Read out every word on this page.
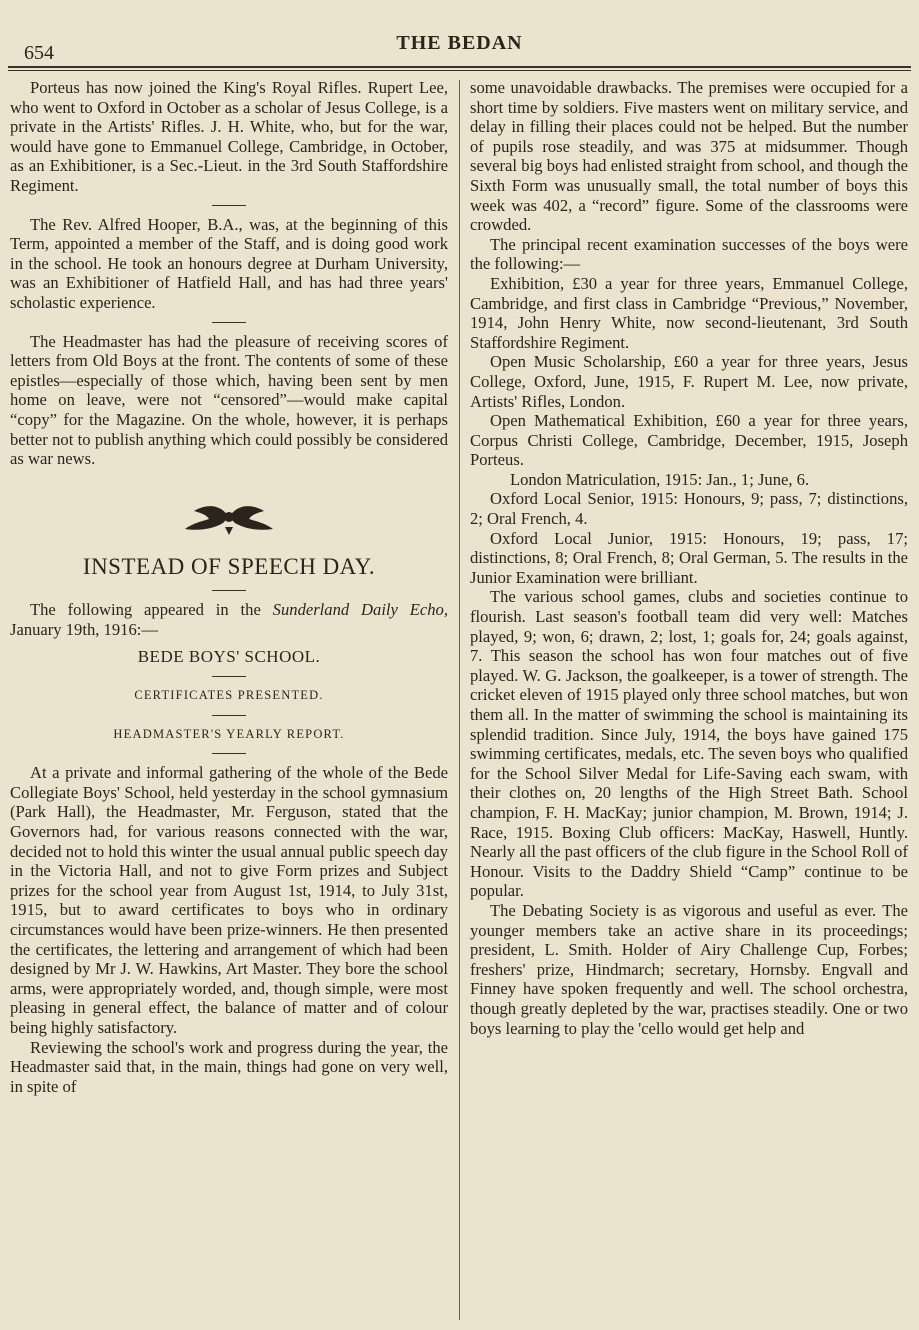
654	THE BEDAN

Porteus has now joined the King's Royal Rifles. Rupert Lee, who went to Oxford in October as a scholar of Jesus College, is a private in the Artists' Rifles. J. H. White, who, but for the war, would have gone to Emmanuel College, Cambridge, in October, as an Exhibitioner, is a Sec.-Lieut. in the 3rd South Staffordshire Regiment.

The Rev. Alfred Hooper, B.A., was, at the beginning of this Term, appointed a member of the Staff, and is doing good work in the school. He took an honours degree at Durham University, was an Exhibitioner of Hatfield Hall, and has had three years' scholastic experience.

The Headmaster has had the pleasure of receiving scores of letters from Old Boys at the front. The contents of some of these epistles—especially of those which, having been sent by men home on leave, were not “censored”—would make capital “copy” for the Magazine. On the whole, however, it is perhaps better not to publish anything which could possibly be considered as war news.

INSTEAD OF SPEECH DAY.

The following appeared in the Sunderland Daily Echo, January 19th, 1916:—

BEDE BOYS' SCHOOL.
CERTIFICATES PRESENTED.
HEADMASTER'S YEARLY REPORT.

At a private and informal gathering of the whole of the Bede Collegiate Boys' School, held yesterday in the school gymnasium (Park Hall), the Headmaster, Mr. Ferguson, stated that the Governors had, for various reasons connected with the war, decided not to hold this winter the usual annual public speech day in the Victoria Hall, and not to give Form prizes and Subject prizes for the school year from August 1st, 1914, to July 31st, 1915, but to award certificates to boys who in ordinary circumstances would have been prize-winners. He then presented the certificates, the lettering and arrangement of which had been designed by Mr J. W. Hawkins, Art Master. They bore the school arms, were appropriately worded, and, though simple, were most pleasing in general effect, the balance of matter and of colour being highly satisfactory.

Reviewing the school's work and progress during the year, the Headmaster said that, in the main, things had gone on very well, in spite of

some unavoidable drawbacks. The premises were occupied for a short time by soldiers. Five masters went on military service, and delay in filling their places could not be helped. But the number of pupils rose steadily, and was 375 at midsummer. Though several big boys had enlisted straight from school, and though the Sixth Form was unusually small, the total number of boys this week was 402, a “record” figure. Some of the classrooms were crowded.

The principal recent examination successes of the boys were the following:—

Exhibition, £30 a year for three years, Emmanuel College, Cambridge, and first class in Cambridge “Previous,” November, 1914, John Henry White, now second-lieutenant, 3rd South Staffordshire Regiment.

Open Music Scholarship, £60 a year for three years, Jesus College, Oxford, June, 1915, F. Rupert M. Lee, now private, Artists' Rifles, London.

Open Mathematical Exhibition, £60 a year for three years, Corpus Christi College, Cambridge, December, 1915, Joseph Porteus.

London Matriculation, 1915: Jan., 1; June, 6.

Oxford Local Senior, 1915: Honours, 9; pass, 7; distinctions, 2; Oral French, 4.

Oxford Local Junior, 1915: Honours, 19; pass, 17; distinctions, 8; Oral French, 8; Oral German, 5. The results in the Junior Examination were brilliant.

The various school games, clubs and societies continue to flourish. Last season's football team did very well: Matches played, 9; won, 6; drawn, 2; lost, 1; goals for, 24; goals against, 7. This season the school has won four matches out of five played. W. G. Jackson, the goalkeeper, is a tower of strength. The cricket eleven of 1915 played only three school matches, but won them all. In the matter of swimming the school is maintaining its splendid tradition. Since July, 1914, the boys have gained 175 swimming certificates, medals, etc. The seven boys who qualified for the School Silver Medal for Life-Saving each swam, with their clothes on, 20 lengths of the High Street Bath. School champion, F. H. MacKay; junior champion, M. Brown, 1914; J. Race, 1915. Boxing Club officers: MacKay, Haswell, Huntly. Nearly all the past officers of the club figure in the School Roll of Honour. Visits to the Daddry Shield “Camp” continue to be popular.

The Debating Society is as vigorous and useful as ever. The younger members take an active share in its proceedings; president, L. Smith. Holder of Airy Challenge Cup, Forbes; freshers' prize, Hindmarch; secretary, Hornsby. Engvall and Finney have spoken frequently and well. The school orchestra, though greatly depleted by the war, practises steadily. One or two boys learning to play the 'cello would get help and
